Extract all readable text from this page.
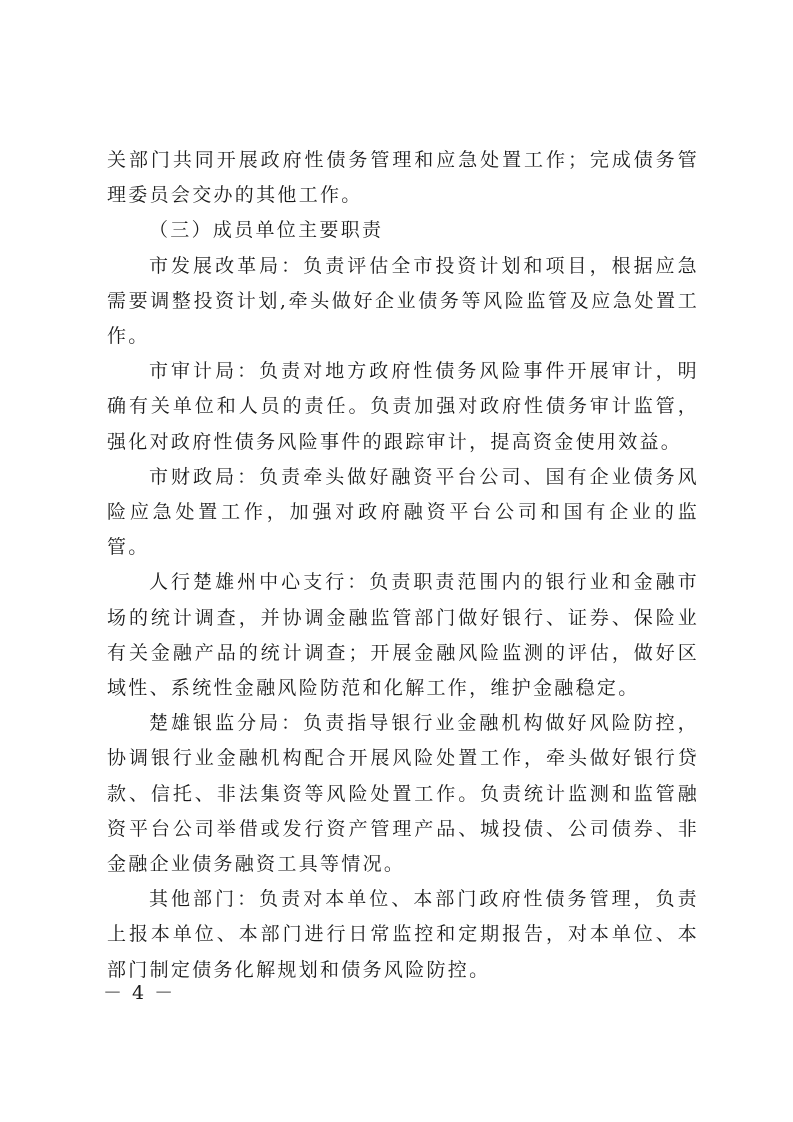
关部门共同开展政府性债务管理和应急处置工作；完成债务管理委员会交办的其他工作。

（三）成员单位主要职责

市发展改革局：负责评估全市投资计划和项目，根据应急需要调整投资计划,牵头做好企业债务等风险监管及应急处置工作。

市审计局：负责对地方政府性债务风险事件开展审计，明确有关单位和人员的责任。负责加强对政府性债务审计监管，强化对政府性债务风险事件的跟踪审计，提高资金使用效益。

市财政局：负责牵头做好融资平台公司、国有企业债务风险应急处置工作，加强对政府融资平台公司和国有企业的监管。

人行楚雄州中心支行：负责职责范围内的银行业和金融市场的统计调查，并协调金融监管部门做好银行、证券、保险业有关金融产品的统计调查；开展金融风险监测的评估，做好区域性、系统性金融风险防范和化解工作，维护金融稳定。

楚雄银监分局：负责指导银行业金融机构做好风险防控，协调银行业金融机构配合开展风险处置工作，牵头做好银行贷款、信托、非法集资等风险处置工作。负责统计监测和监管融资平台公司举借或发行资产管理产品、城投债、公司债券、非金融企业债务融资工具等情况。

其他部门：负责对本单位、本部门政府性债务管理，负责上报本单位、本部门进行日常监控和定期报告，对本单位、本部门制定债务化解规划和债务风险防控。

－ 4 －
